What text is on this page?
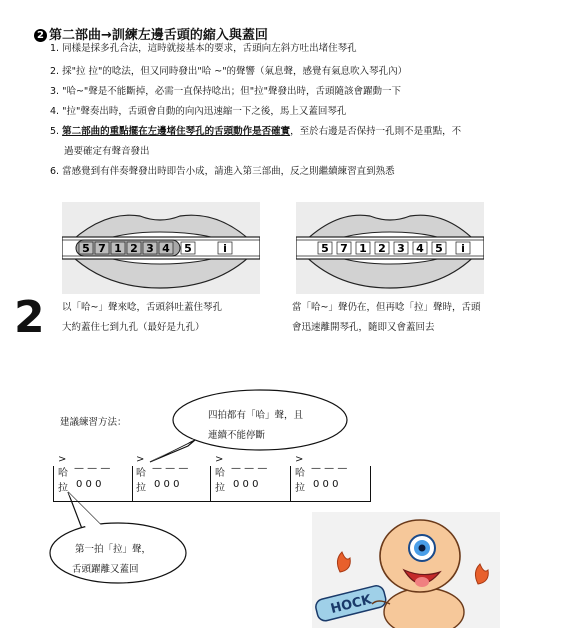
2 第二部曲→訓練左邊舌頭的縮入與蓋回
1. 同樣是採多孔合法，這時就接基本的要求，舌頭向左斜方吐出堵住琴孔
2. 採"拉 拉"的唸法，但又同時發出"哈 ~"的聲響（氣息聲，感覺有氣息吹入琴孔內）
3. "哈~"聲是不能斷掉，必需一直保持唸出；但"拉"聲發出時，舌頭隨該會躍動一下
4. "拉"聲奏出時，舌頭會自動的向內迅速縮一下之後，馬上又蓋回琴孔
5. 第二部曲的重點擺在左邊堵住琴孔的舌頭動作是否確實，至於右邊是否保持一孔則不是重點，不
過要確定有聲音發出
6. 當感覺到有伴奏聲發出時即告小成，請進入第三部曲，反之則繼續練習直到熟悉
2
5 7 1 2 3 4 5	i	5 7 1 2 3 4 5 i
以「哈~」聲來唸，舌頭斜吐蓋住琴孔
大約蓋住七到九孔（最好是九孔）
當「哈~」聲仍在，但再唸「拉」聲時，舌頭
會迅速離開琴孔，隨即又會蓋回去
建議練習方法：
四拍都有「哈」聲，且
連續不能停斷
第一拍「拉」聲，
舌頭躍離又蓋回
>
哈 — — —
拉 0 0 0
>
哈 — — —
拉 0 0 0
>
哈 — — —
拉 0 0 0
>
哈 — — —
拉 0 0 0
HOCK
